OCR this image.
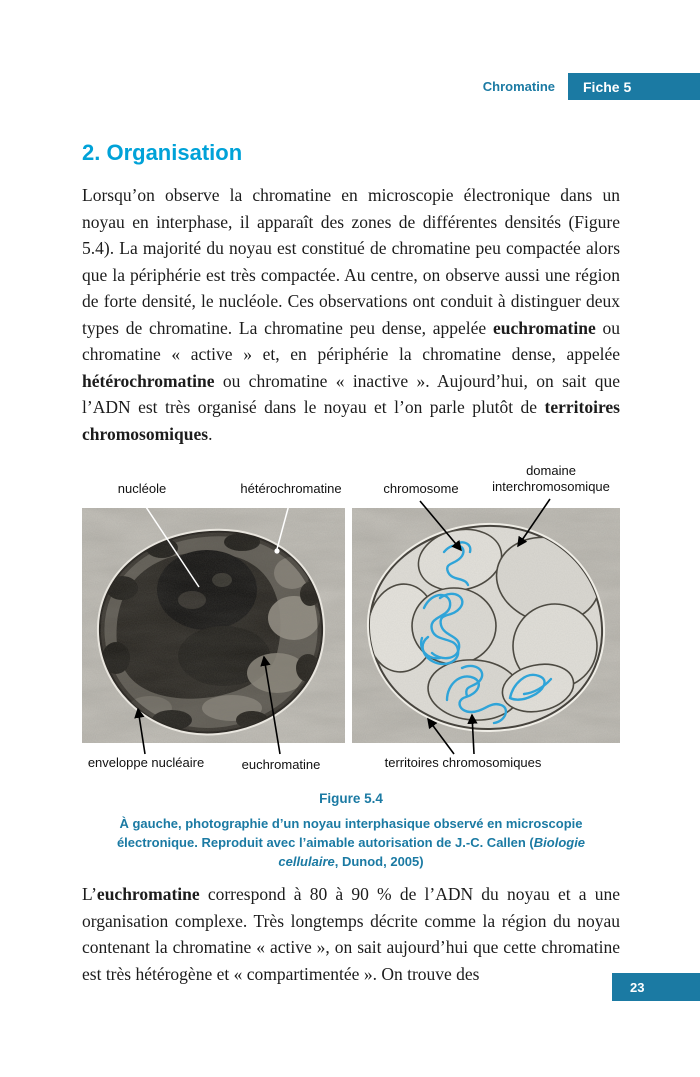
Chromatine	Fiche 5
2. Organisation

Lorsqu’on observe la chromatine en microscopie électronique dans un noyau en interphase, il apparaît des zones de différentes densités (Figure 5.4). La majorité du noyau est constitué de chromatine peu compactée alors que la périphérie est très compactée. Au centre, on observe aussi une région de forte densité, le nucléole. Ces observations ont conduit à distinguer deux types de chromatine. La chromatine peu dense, appelée euchromatine ou chromatine « active » et, en périphérie la chromatine dense, appelée hétérochromatine ou chromatine « inactive ». Aujourd’hui, on sait que l’ADN est très organisé dans le noyau et l’on parle plutôt de territoires chromosomiques.

nucléole	hétérochromatine	chromosome
domaine interchromosomique
enveloppe nucléaire	euchromatine	territoires chromosomiques
Figure 5.4
À gauche, photographie d’un noyau interphasique observé en microscopie électronique. Reproduit avec l’aimable autorisation de J.-C. Callen (Biologie cellulaire, Dunod, 2005)

L’euchromatine correspond à 80 à 90 % de l’ADN du noyau et a une organisation complexe. Très longtemps décrite comme la région du noyau contenant la chromatine « active », on sait aujourd’hui que cette chromatine est très hétérogène et « compartimentée ». On trouve des

23
